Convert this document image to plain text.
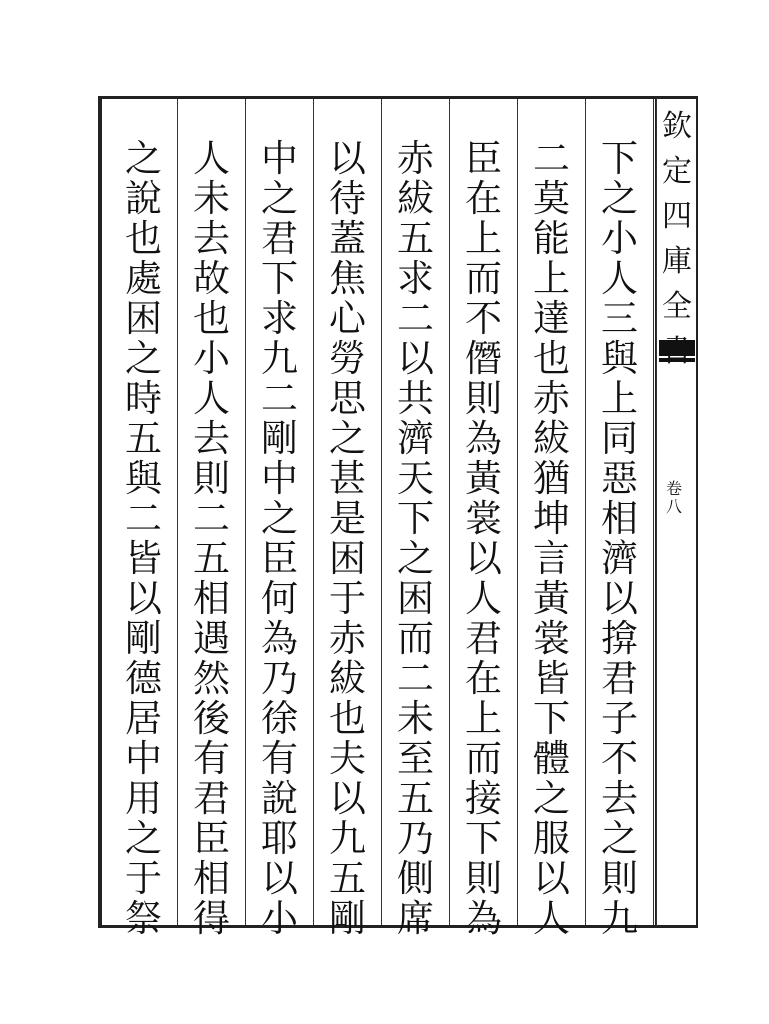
下
之
小
人
三
與
上
同
惡
相
濟
以
揜
君
子
不
去
之
則
九
二
莫
能
上
達
也
赤
紱
猶
坤
言
黃
裳
皆
下
體
之
服
以
人
臣
在
上
而
不
僭
則
為
黃
裳
以
人
君
在
上
而
接
下
則
為
赤
紱
五
求
二
以
共
濟
天
下
之
困
而
二
未
至
五
乃
側
席
以
待
蓋
焦
心
勞
思
之
甚
是
困
于
赤
紱
也
夫
以
九
五
剛
中
之
君
下
求
九
二
剛
中
之
臣
何
為
乃
徐
有
說
耶
以
小
人
未
去
故
也
小
人
去
則
二
五
相
遇
然
後
有
君
臣
相
得
之
說
也
處
困
之
時
五
與
二
皆
以
剛
德
居
中
用
之
于
祭
欽
定
四
庫
全
卷
八
